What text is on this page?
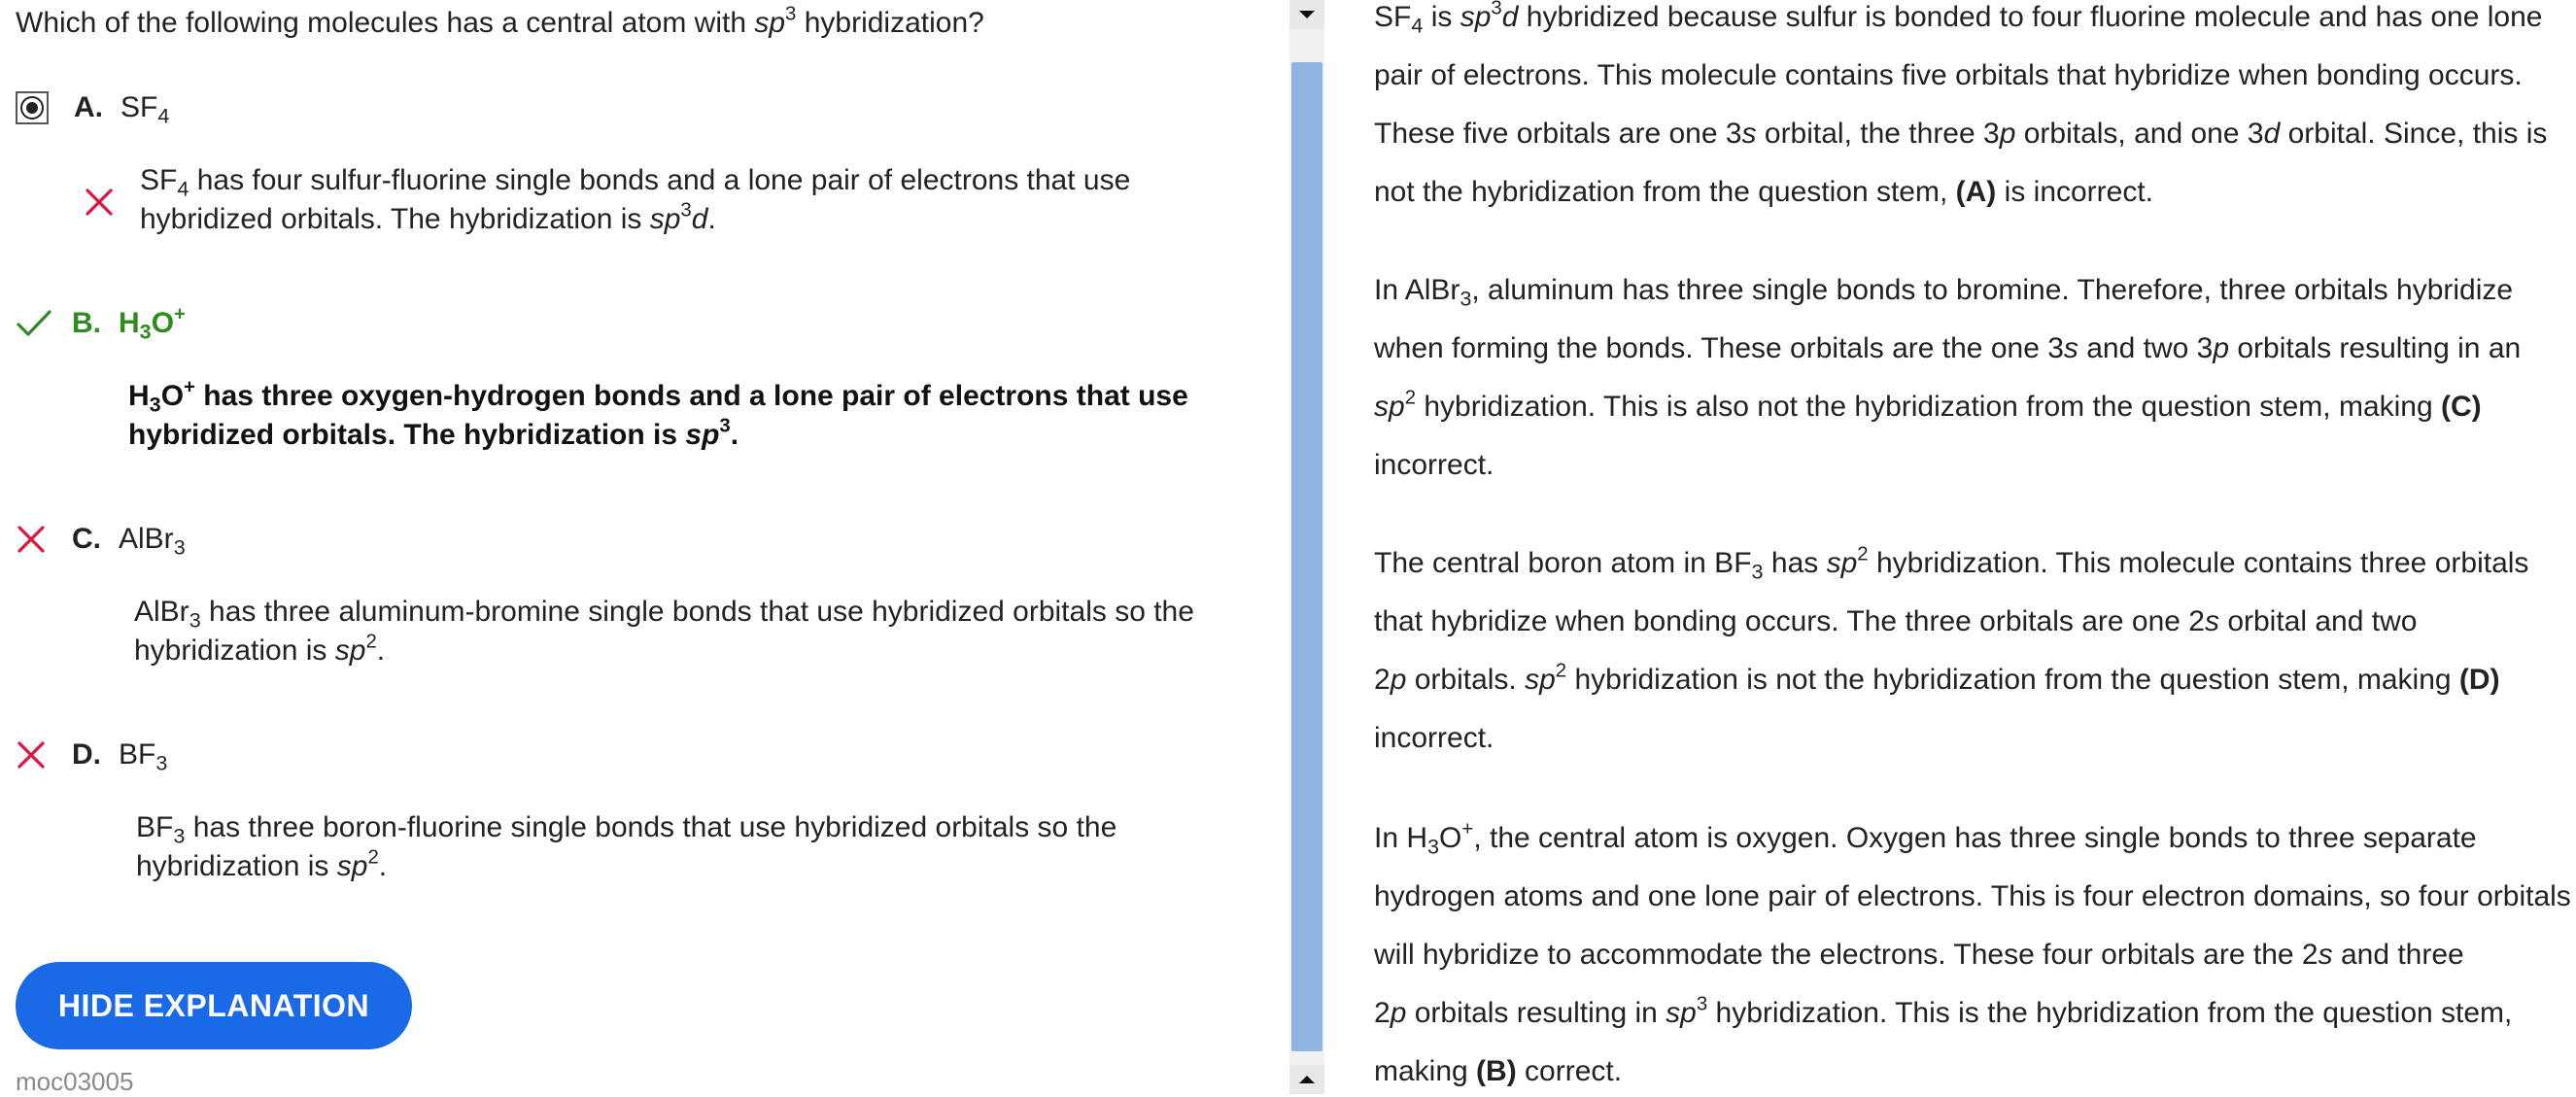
Which of the following molecules has a central atom with $sp^3$ hybridization?
A. $SF_4$
$SF_4$ has four sulfur-fluorine single bonds and a lone pair of electrons that use
hybridized orbitals. The hybridization is $sp^3d$.
B. $H_3O^+$
$H_3O^+$ has three oxygen-hydrogen bonds and a lone pair of electrons that use
hybridized orbitals. The hybridization is $sp^3$.
C. AlBr$_3$
AlBr$_3$ has three aluminum-bromine single bonds that use hybridized orbitals so the
hybridization is $sp^2$.
D. $BF_3$
$BF_3$ has three boron-fluorine single bonds that use hybridized orbitals so the
hybridization is $sp^2$.
HIDE EXPLANATION
moc03005
$SF_4$ is $sp^3d$ hybridized because sulfur is bonded to four fluorine molecule and has one lone
pair of electrons. This molecule contains five orbitals that hybridize when bonding occurs.
These five orbitals are one 3s orbital, the three 3p orbitals, and one 3d orbital. Since, this is
not the hybridization from the question stem, (A) is incorrect.
In AlBr$_3$, aluminum has three single bonds to bromine. Therefore, three orbitals hybridize
when forming the bonds. These orbitals are the one 3s and two 3p orbitals resulting in an
$sp^2$ hybridization. This is also not the hybridization from the question stem, making (C)
incorrect.
The central boron atom in $BF_3$ has $sp^2$ hybridization. This molecule contains three orbitals
that hybridize when bonding occurs. The three orbitals are one 2s orbital and two
2p orbitals. $sp^2$ hybridization is not the hybridization from the question stem, making (D)
incorrect.
In $H_3O^+$, the central atom is oxygen. Oxygen has three single bonds to three separate
hydrogen atoms and one lone pair of electrons. This is four electron domains, so four orbitals
will hybridize to accommodate the electrons. These four orbitals are the 2s and three
2p orbitals resulting in $sp^3$ hybridization. This is the hybridization from the question stem,
making (B) correct.
